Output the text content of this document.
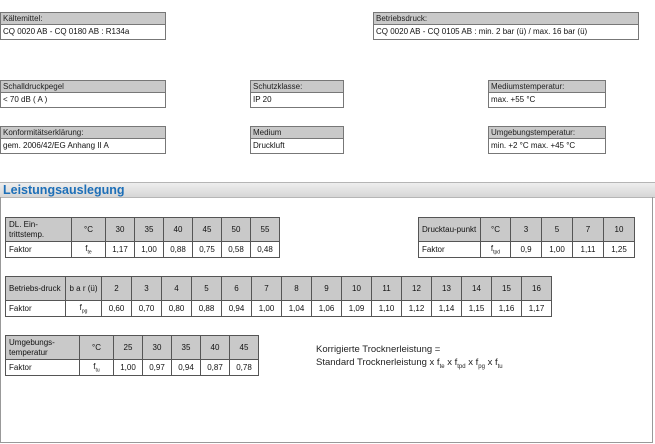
Kältemittel:
CQ 0020 AB - CQ 0180 AB : R134a
Betriebsdruck:
CQ 0020 AB - CQ 0105 AB : min. 2 bar (ü) / max. 16 bar (ü)
Schalldruckpegel
< 70 dB ( A )
Schutzklasse:
IP 20
Mediumstemperatur:
max. +55 °C
Konformitätserklärung:
gem. 2006/42/EG Anhang II A
Medium
Druckluft
Umgebungstemperatur:
min. +2 °C max. +45 °C
Leistungsauslegung
DL. Ein-trittstemp.	°C	30	35	40	45	50	55
Faktor	$f_{te}$	1,17	1,00	0,88	0,75	0,58	0,48
Drucktau-punkt	°C	3	5	7	10
Faktor	$f_{tpd}$	0,9	1,00	1,11	1,25
Betriebs-druck	b a r (ü)	2	3	4	5	6	7	8	9	10	11	12	13	14	15	16
Faktor	$f_{pg}$	0,60	0,70	0,80	0,88	0,94	1,00	1,04	1,06	1,09	1,10	1,12	1,14	1,15	1,16	1,17
Umgebungs-temperatur	°C	25	30	35	40	45
Faktor	$f_{tu}$	1,00	0,97	0,94	0,87	0,78
Korrigierte Trocknerleistung =
Standard Trocknerleistung x $f_{te}$ x $f_{tpd}$ x $f_{pg}$ x $f_{tu}$
